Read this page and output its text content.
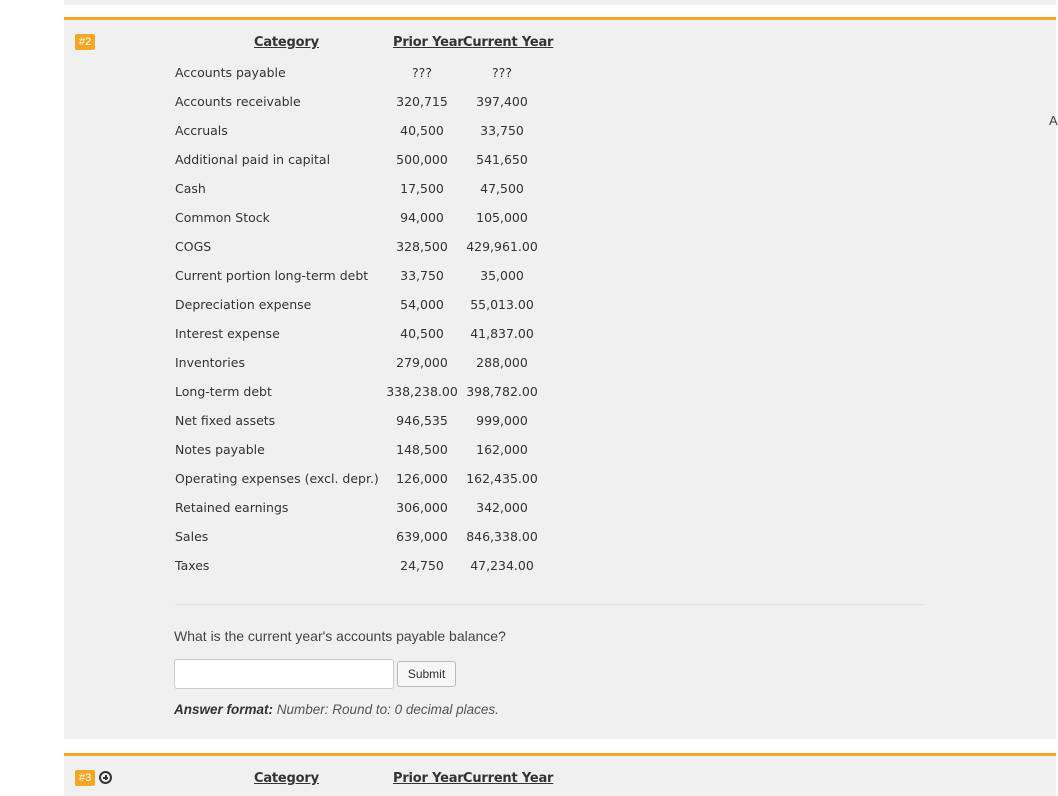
#2	Category	Prior Year Current Year
Accounts payable	???	???
Accounts receivable	320,715	397,400
Accruals	40,500	33,750
Additional paid in capital	500,000	541,650
Cash	17,500	47,500
Common Stock	94,000	105,000
COGS	328,500	429,961.00
Current portion long-term debt	33,750	35,000
Depreciation expense	54,000	55,013.00
Interest expense	40,500	41,837.00
Inventories	279,000	288,000
Long-term debt	338,238.00 398,782.00
Net fixed assets	946,535	999,000
Notes payable	148,500	162,000
Operating expenses (excl. depr.)	126,000	162,435.00
Retained earnings	306,000	342,000
Sales	639,000	846,338.00
Taxes	24,750	47,234.00
What is the current year's accounts payable balance?
Submit
Answer format: Number: Round to: 0 decimal places.
#3	Category	Prior Year Current Year
A
